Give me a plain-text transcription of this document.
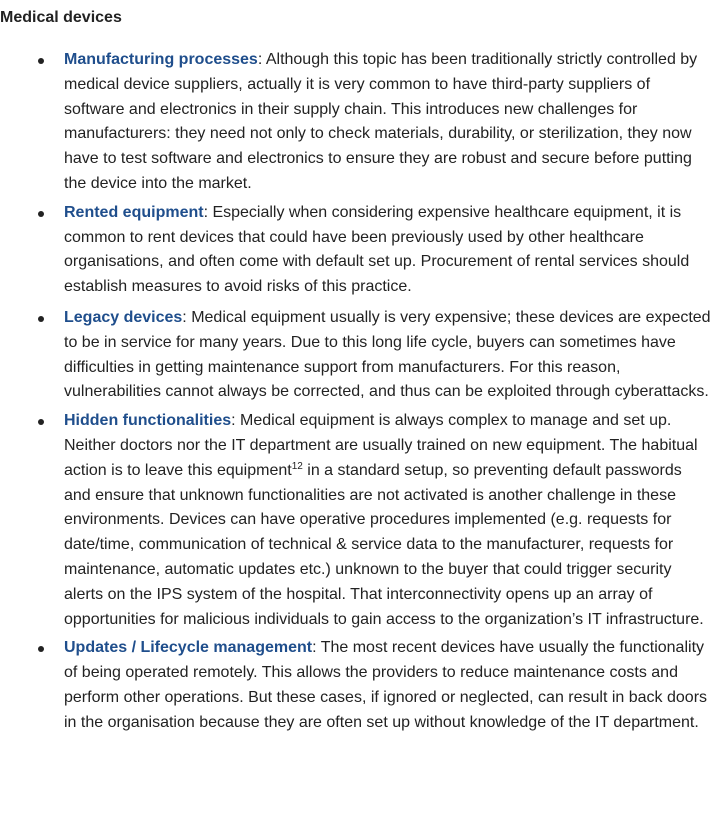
Medical devices
Manufacturing processes: Although this topic has been traditionally strictly controlled by medical device suppliers, actually it is very common to have third-party suppliers of software and electronics in their supply chain. This introduces new challenges for manufacturers: they need not only to check materials, durability, or sterilization, they now have to test software and electronics to ensure they are robust and secure before putting the device into the market.
Rented equipment: Especially when considering expensive healthcare equipment, it is common to rent devices that could have been previously used by other healthcare organisations, and often come with default set up. Procurement of rental services should establish measures to avoid risks of this practice.
Legacy devices: Medical equipment usually is very expensive; these devices are expected to be in service for many years. Due to this long life cycle, buyers can sometimes have difficulties in getting maintenance support from manufacturers. For this reason, vulnerabilities cannot always be corrected, and thus can be exploited through cyberattacks.
Hidden functionalities: Medical equipment is always complex to manage and set up. Neither doctors nor the IT department are usually trained on new equipment. The habitual action is to leave this equipment$^{12}$ in a standard setup, so preventing default passwords and ensure that unknown functionalities are not activated is another challenge in these environments. Devices can have operative procedures implemented (e.g. requests for date/time, communication of technical & service data to the manufacturer, requests for maintenance, automatic updates etc.) unknown to the buyer that could trigger security alerts on the IPS system of the hospital. That interconnectivity opens up an array of opportunities for malicious individuals to gain access to the organization’s IT infrastructure.
Updates / Lifecycle management: The most recent devices have usually the functionality of being operated remotely. This allows the providers to reduce maintenance costs and perform other operations. But these cases, if ignored or neglected, can result in back doors in the organisation because they are often set up without knowledge of the IT department.
